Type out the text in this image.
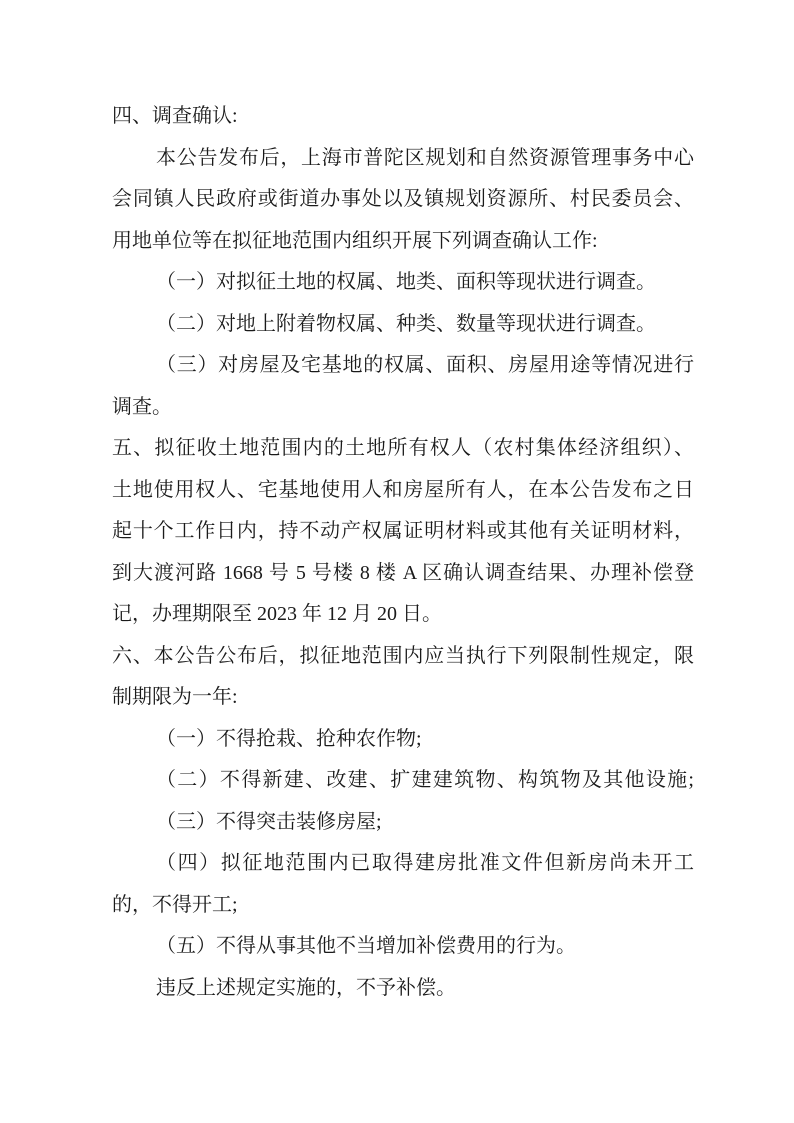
四、调查确认:
本公告发布后，上海市普陀区规划和自然资源管理事务中心
会同镇人民政府或街道办事处以及镇规划资源所、村民委员会、
用地单位等在拟征地范围内组织开展下列调查确认工作:
（一）对拟征土地的权属、地类、面积等现状进行调查。
（二）对地上附着物权属、种类、数量等现状进行调查。
（三）对房屋及宅基地的权属、面积、房屋用途等情况进行
调查。
五、拟征收土地范围内的土地所有权人（农村集体经济组织）、
土地使用权人、宅基地使用人和房屋所有人，在本公告发布之日
起十个工作日内，持不动产权属证明材料或其他有关证明材料，
到大渡河路 1668 号 5 号楼 8 楼 A 区确认调查结果、办理补偿登
记，办理期限至 2023 年 12 月 20 日。
六、本公告公布后，拟征地范围内应当执行下列限制性规定，限
制期限为一年:
（一）不得抢栽、抢种农作物;
（二）不得新建、改建、扩建建筑物、构筑物及其他设施;
（三）不得突击装修房屋;
（四）拟征地范围内已取得建房批准文件但新房尚未开工
的，不得开工;
（五）不得从事其他不当增加补偿费用的行为。
违反上述规定实施的，不予补偿。
